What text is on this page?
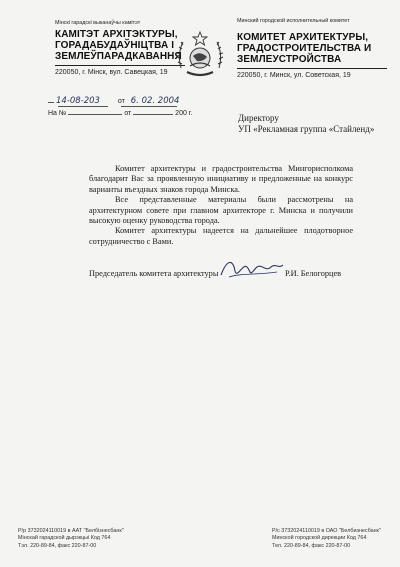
Мінскі гарадскі выканаўчы камітэт
КАМІТЭТ АРХІТЭКТУРЫ,
ГОРАДАБУДАЎНІЦТВА І
ЗЕМЛЕЎПАРАДКАВАННЯ
220050, г. Мінск, вул. Савецкая, 19
Минский городской исполнительный комитет
КОМИТЕТ АРХИТЕКТУРЫ,
ГРАДОСТРОИТЕЛЬСТВА И
ЗЕМЛЕУСТРОЙСТВА
220050, г. Минск, ул. Советская, 19
14-08-203	от 6. 02. 2004
На №	от	200 г.	Директору
УП «Рекламная группа «Стайленд»

Комитет архитектуры и градостроительства Мингорисполкома благодарит Вас за проявленную инициативу и предложенные на конкурс варианты въездных знаков города Минска.

Все представленные материалы были рассмотрены на архитектурном совете при главном архитекторе г. Минска и получили высокую оценку руководства города.

Комитет архитектуры надеется на дальнейшее плодотворное сотрудничество с Вами.

Председатель комитета архитектуры	Р.И. Белогорцев
Р/р 3732024110019 в ААТ "Белбізнесбанк"
Мінскай гарадской дырэкцыі Код 764
Тэл. 220-89-84, факс 220-87-00
Р/с 3732024110019 в ОАО "Белбизнесбанк"
Минской городской дирекции Код 764
Тел. 220-89-84, факс 220-87-00
